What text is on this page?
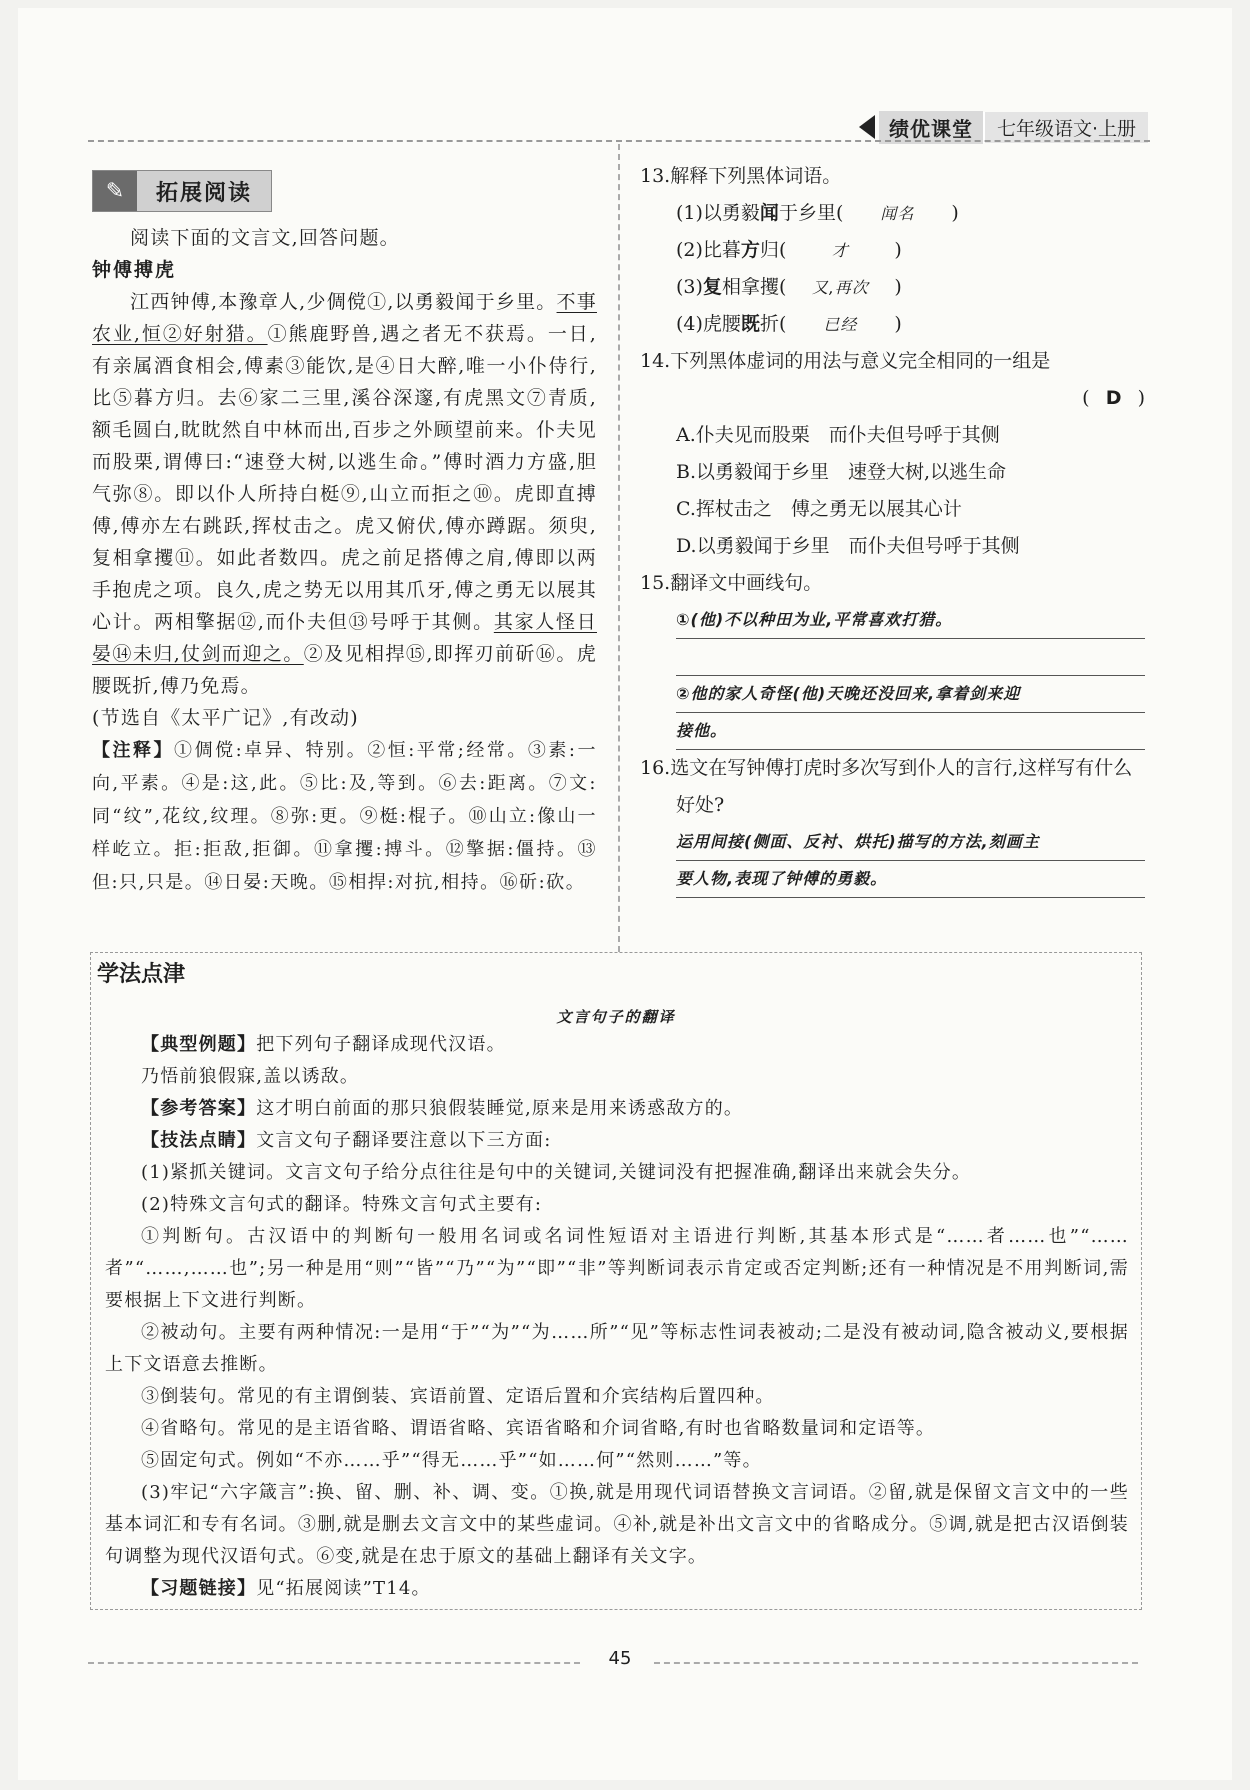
绩优课堂	七年级语文·上册
✎	拓展阅读

阅读下面的文言文,回答问题。

钟傅搏虎

江西钟傅,本豫章人,少倜傥①,以勇毅闻于乡里。不事农业,恒②好射猎。①熊鹿野兽,遇之者无不获焉。一日,有亲属酒食相会,傅素③能饮,是④日大醉,唯一小仆侍行,比⑤暮方归。去⑥家二三里,溪谷深邃,有虎黑文⑦青质,额毛圆白,眈眈然自中林而出,百步之外顾望前来。仆夫见而股栗,谓傅曰:“速登大树,以逃生命。”傅时酒力方盛,胆气弥⑧。即以仆人所持白梃⑨,山立而拒之⑩。虎即直搏傅,傅亦左右跳跃,挥杖击之。虎又俯伏,傅亦蹲踞。须臾,复相拿攫⑪。如此者数四。虎之前足搭傅之肩,傅即以两手抱虎之项。良久,虎之势无以用其爪牙,傅之勇无以展其心计。两相擎据⑫,而仆夫但⑬号呼于其侧。其家人怪日晏⑭未归,仗剑而迎之。②及见相捍⑮,即挥刃前斫⑯。虎腰既折,傅乃免焉。

(节选自《太平广记》,有改动)

【注释】①倜傥:卓异、特别。②恒:平常;经常。③素:一向,平素。④是:这,此。⑤比:及,等到。⑥去:距离。⑦文:同“纹”,花纹,纹理。⑧弥:更。⑨梃:棍子。⑩山立:像山一样屹立。拒:拒敌,拒御。⑪拿攫:搏斗。⑫擎据:僵持。⑬但:只,只是。⑭日晏:天晚。⑮相捍:对抗,相持。⑯斫:砍。

13.解释下列黑体词语。

(1)以勇毅 闻 于乡里(	闻名	)
(2)比暮 方 归(	才	)
(3) 复 相拿攫(	又,再次	)
(4)虎腰 既 折(	已经	)

14.下列黑体虚词的用法与意义完全相同的一组是

( D )
A.仆夫见而股栗　而仆夫但号呼于其侧
B.以勇毅闻于乡里　速登大树,以逃生命
C.挥杖击之　傅之勇无以展其心计
D.以勇毅闻于乡里　而仆夫但号呼于其侧

15.翻译文中画线句。

①(他)不以种田为业,平常喜欢打猎。
②他的家人奇怪(他)天晚还没回来,拿着剑来迎
接他。

16.选文在写钟傅打虎时多次写到仆人的言行,这样写有什么好处?

运用间接(侧面、反衬、烘托)描写的方法,刻画主
要人物,表现了钟傅的勇毅。
学法点津
文言句子的翻译

【典型例题】把下列句子翻译成现代汉语。

乃悟前狼假寐,盖以诱敌。

【参考答案】这才明白前面的那只狼假装睡觉,原来是用来诱惑敌方的。

【技法点睛】文言文句子翻译要注意以下三方面:

(1)紧抓关键词。文言文句子给分点往往是句中的关键词,关键词没有把握准确,翻译出来就会失分。

(2)特殊文言句式的翻译。特殊文言句式主要有:

①判断句。古汉语中的判断句一般用名词或名词性短语对主语进行判断,其基本形式是“……者……也”“……者”“……,……也”;另一种是用“则”“皆”“乃”“为”“即”“非”等判断词表示肯定或否定判断;还有一种情况是不用判断词,需要根据上下文进行判断。

②被动句。主要有两种情况:一是用“于”“为”“为……所”“见”等标志性词表被动;二是没有被动词,隐含被动义,要根据上下文语意去推断。

③倒装句。常见的有主谓倒装、宾语前置、定语后置和介宾结构后置四种。

④省略句。常见的是主语省略、谓语省略、宾语省略和介词省略,有时也省略数量词和定语等。

⑤固定句式。例如“不亦……乎”“得无……乎”“如……何”“然则……”等。

(3)牢记“六字箴言”:换、留、删、补、调、变。①换,就是用现代词语替换文言词语。②留,就是保留文言文中的一些基本词汇和专有名词。③删,就是删去文言文中的某些虚词。④补,就是补出文言文中的省略成分。⑤调,就是把古汉语倒装句调整为现代汉语句式。⑥变,就是在忠于原文的基础上翻译有关文字。

【习题链接】见“拓展阅读”T14。

45
